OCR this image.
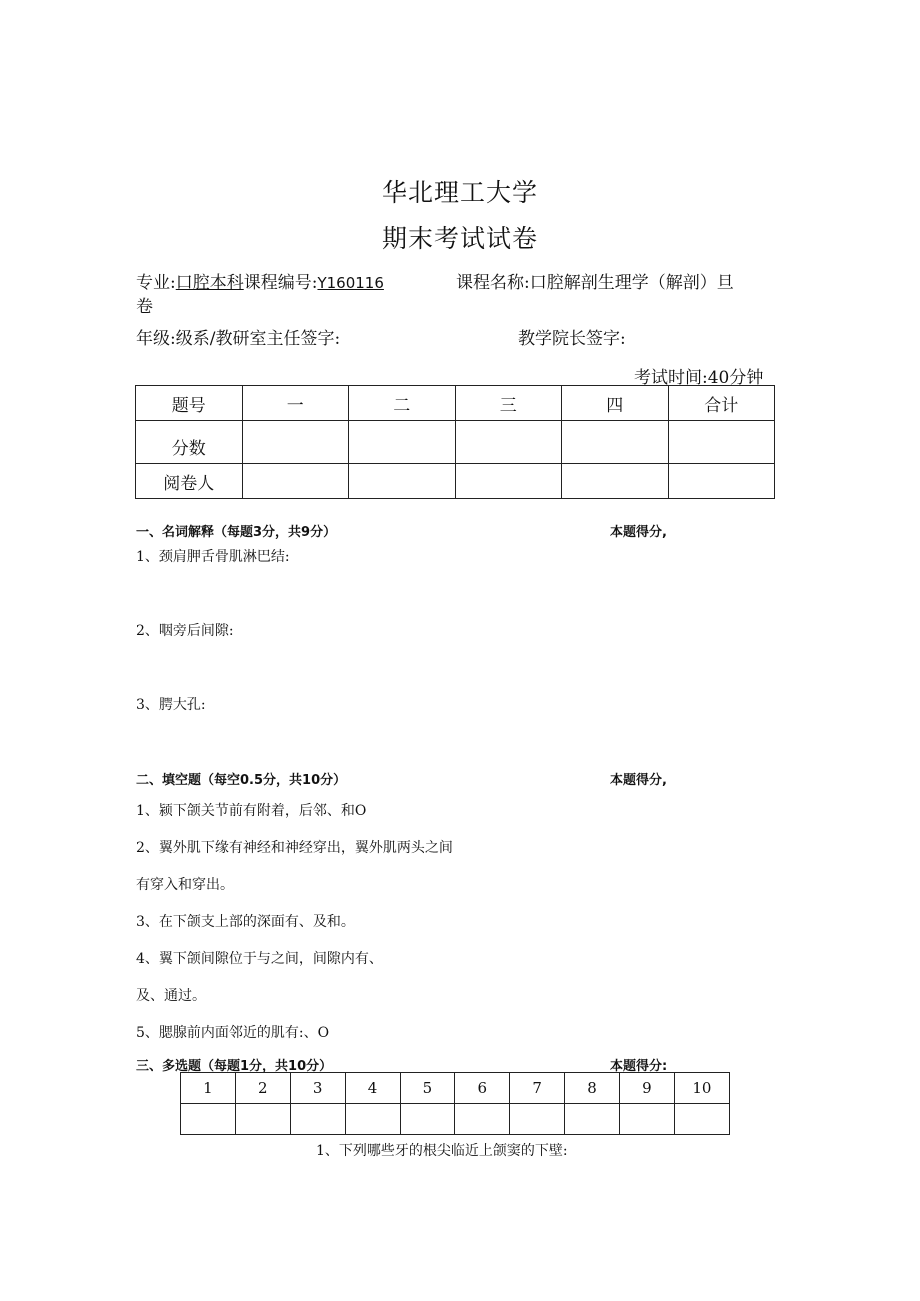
华北理工大学
期末考试试卷
专业:口腔本科课程编号:Y160116	课程名称:口腔解剖生理学（解剖）旦
卷
年级:级系/教研室主任签字:	教学院长签字:
考试时间:40分钟
题号	一	二	三	四	合计
分数					
阅卷人					
一、名词解释（每题3分，共9分）	本题得分,
1、颈肩胛舌骨肌淋巴结:
2、咽旁后间隙:
3、腭大孔:
二、填空题（每空0.5分，共10分）	本题得分,
1、颍下颌关节前有附着，后邻、和O
2、翼外肌下缘有神经和神经穿出，翼外肌两头之间
有穿入和穿出。
3、在下颌支上部的深面有、及和。
4、翼下颌间隙位于与之间，间隙内有、
及、通过。
5、腮腺前内面邻近的肌有:、O
三、多选题（每题1分，共10分）	本题得分:
1	2	3	4	5	6	7	8	9	10

1、下列哪些牙的根尖临近上颌窦的下壁:
